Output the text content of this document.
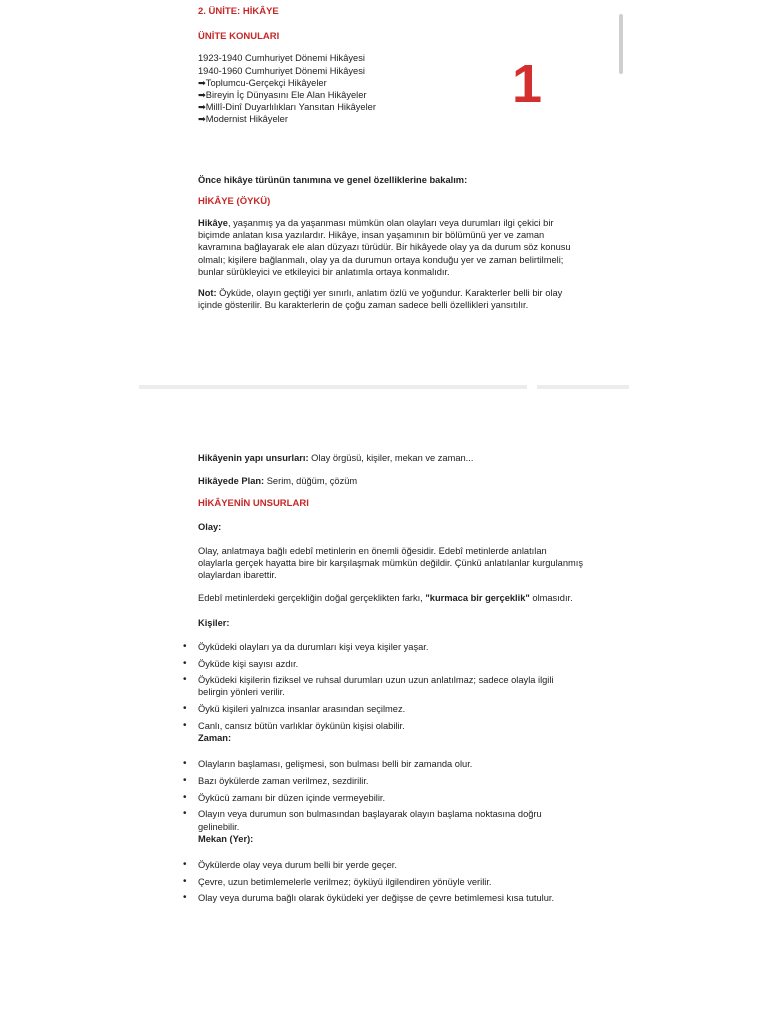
1

2. ÜNİTE: HİKÂYE

ÜNİTE KONULARI

1923-1940 Cumhuriyet Dönemi Hikâyesi

1940-1960 Cumhuriyet Dönemi Hikâyesi

➡Toplumcu-Gerçekçi Hikâyeler

➡Bireyin İç Dünyasını Ele Alan Hikâyeler

➡Millî-Dinî Duyarlılıkları Yansıtan Hikâyeler

➡Modernist Hikâyeler

Önce hikâye türünün tanımına ve genel özelliklerine bakalım:

HİKÂYE (ÖYKÜ)

Hikâye, yaşanmış ya da yaşanması mümkün olan olayları veya durumları ilgi çekici bir biçimde anlatan kısa yazılardır. Hikâye, insan yaşamının bir bölümünü yer ve zaman kavramına bağlayarak ele alan düzyazı türüdür. Bir hikâyede olay ya da durum söz konusu olmalı; kişilere bağlanmalı, olay ya da durumun ortaya konduğu yer ve zaman belirtilmeli; bunlar sürükleyici ve etkileyici bir anlatımla ortaya konmalıdır.

Not: Öyküde, olayın geçtiği yer sınırlı, anlatım özlü ve yoğundur. Karakterler belli bir olay içinde gösterilir. Bu karakterlerin de çoğu zaman sadece belli özellikleri yansıtılır.

Hikâyenin yapı unsurları: Olay örgüsü, kişiler, mekan ve zaman...

Hikâyede Plan: Serim, düğüm, çözüm

HİKÂYENİN UNSURLARI

Olay:

Olay, anlatmaya bağlı edebî metinlerin en önemli öğesidir. Edebî metinlerde anlatılan olaylarla gerçek hayatta bire bir karşılaşmak mümkün değildir. Çünkü anlatılanlar kurgulanmış olaylardan ibarettir.

Edebî metinlerdeki gerçekliğin doğal gerçeklikten farkı, "kurmaca bir gerçeklik" olmasıdır.

Kişiler:

• Öyküdeki olayları ya da durumları kişi veya kişiler yaşar.
• Öyküde kişi sayısı azdır.
• Öyküdeki kişilerin fiziksel ve ruhsal durumları uzun uzun anlatılmaz; sadece olayla ilgili belirgin yönleri verilir.
• Öykü kişileri yalnızca insanlar arasından seçilmez.
• Canlı, cansız bütün varlıklar öykünün kişisi olabilir.

Zaman:

• Olayların başlaması, gelişmesi, son bulması belli bir zamanda olur.
• Bazı öykülerde zaman verilmez, sezdirilir.
• Öykücü zamanı bir düzen içinde vermeyebilir.
• Olayın veya durumun son bulmasından başlayarak olayın başlama noktasına doğru gelinebilir.

Mekan (Yer):

• Öykülerde olay veya durum belli bir yerde geçer.
• Çevre, uzun betimlemelerle verilmez; öyküyü ilgilendiren yönüyle verilir.
• Olay veya duruma bağlı olarak öyküdeki yer değişse de çevre betimlemesi kısa tutulur.
